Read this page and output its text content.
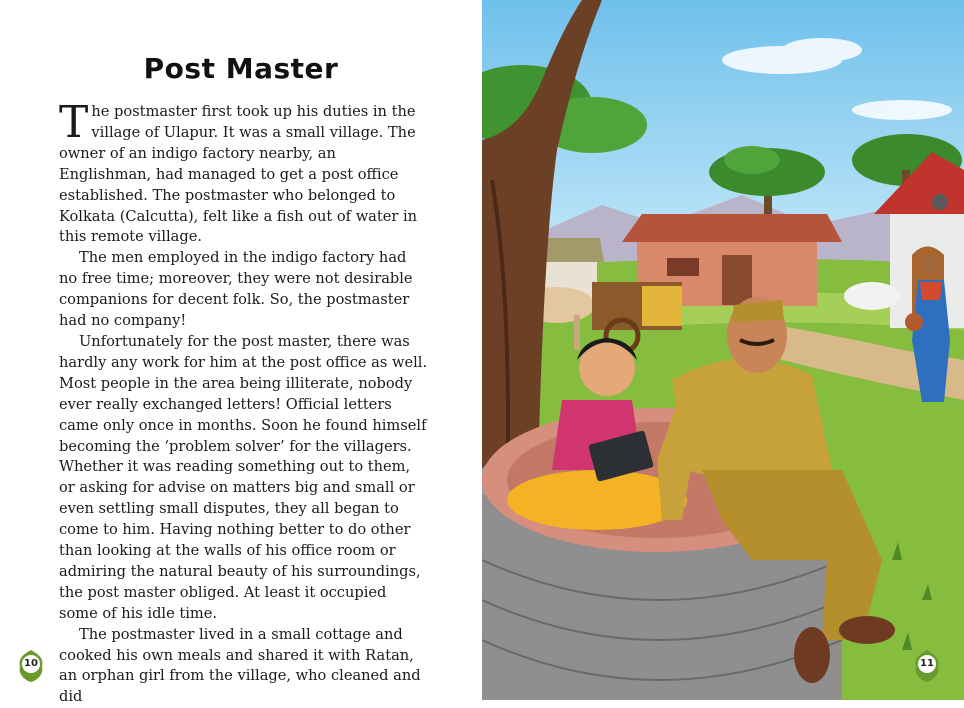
Post Master

The postmaster first took up his duties in the village of Ulapur. It was a small village. The owner of an indigo factory nearby, an Englishman, had managed to get a post office established. The postmaster who belonged to Kolkata (Calcutta), felt like a fish out of water in this remote village.

The men employed in the indigo factory had no free time; moreover, they were not desirable companions for decent folk. So, the postmaster had no company!

Unfortunately for the post master, there was hardly any work for him at the post office as well. Most people in the area being illiterate, nobody ever really exchanged letters! Official letters came only once in months. Soon he found himself becoming the ‘problem solver’ for the villagers. Whether it was reading something out to them, or asking for advise on matters big and small or even settling small disputes, they all began to come to him. Having nothing better to do other than looking at the walls of his office room or admiring the natural beauty of his surroundings, the post master obliged. At least it occupied some of his idle time.

The postmaster lived in a small cottage and cooked his own meals and shared it with Ratan, an orphan girl from the village, who cleaned and did

10	11
